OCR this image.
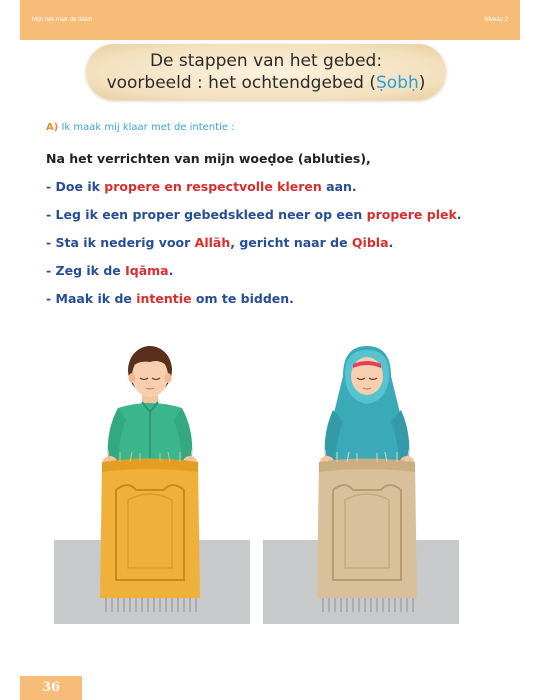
Mijn reis naar de Islam	Niveau 2
De stappen van het gebed:
voorbeeld : het ochtendgebed (Ṣobḥ)
A) Ik maak mij klaar met de intentie :
Na het verrichten van mijn woeḍoe (abluties),
- Doe ik propere en respectvolle kleren aan.
- Leg ik een proper gebedskleed neer op een propere plek.
- Sta ik nederig voor Allāh, gericht naar de Qibla.
- Zeg ik de Iqāma.
- Maak ik de intentie om te bidden.
36
